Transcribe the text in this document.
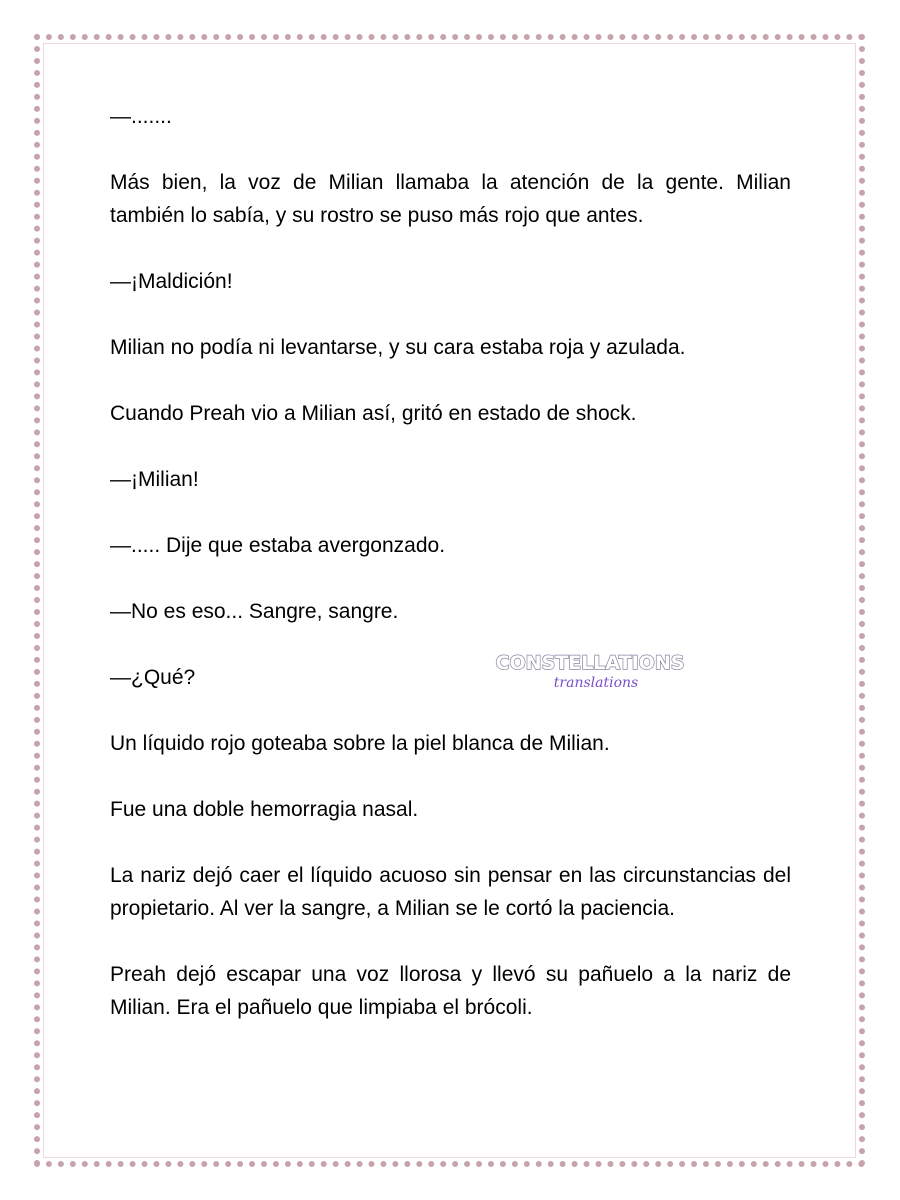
—.......

Más bien, la voz de Milian llamaba la atención de la gente. Milian también lo sabía, y su rostro se puso más rojo que antes.

—¡Maldición!

Milian no podía ni levantarse, y su cara estaba roja y azulada.

Cuando Preah vio a Milian así, gritó en estado de shock.

—¡Milian!

—..... Dije que estaba avergonzado.

—No es eso... Sangre, sangre.

—¿Qué?

Un líquido rojo goteaba sobre la piel blanca de Milian.

Fue una doble hemorragia nasal.

La nariz dejó caer el líquido acuoso sin pensar en las circunstancias del propietario. Al ver la sangre, a Milian se le cortó la paciencia.

Preah dejó escapar una voz llorosa y llevó su pañuelo a la nariz de Milian. Era el pañuelo que limpiaba el brócoli.

CONSTELLATIONS
translations
